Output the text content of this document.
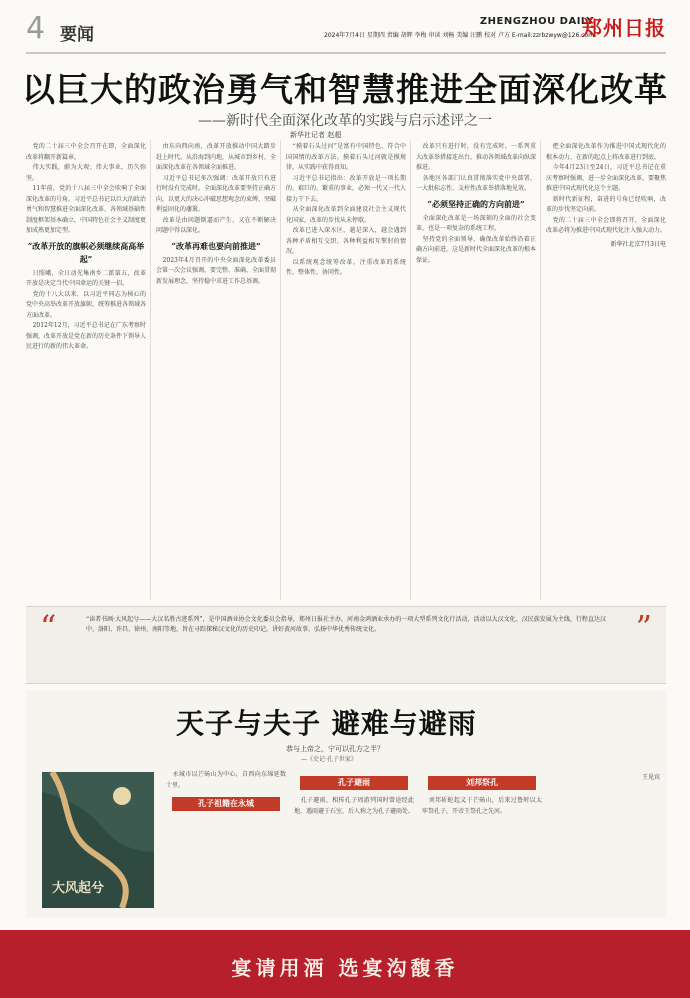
4 要闻
ZHENGZHOU DAILY
2024年7月4日 星期四 责编 胡辉 李梅 审读 刘畅 美编 汪鹏 校对 卢方 E-mail:zzrbzwyw@126.com
郑州日报
以巨大的政治勇气和智慧推进全面深化改革
——新时代全面深化改革的实践与启示述评之一
新华社记者 赵超

党的二十届三中全会召开在即，全面深化改革将翻开新篇章。

伟大实践，蔚为大观；伟大事业，历久弥坚。

11年前，党的十八届三中全会吹响了全面深化改革的号角。习近平总书记以巨大的政治勇气和智慧推进全面深化改革，各领域基础性制度框架基本确立，中国特色社会主义制度更加成熟更加定型。

“改革开放的旗帜必须继续高高举起”

日照峨，全日动光集南乡二派第五，改革开放是决定当代中国命运的关键一招。

党的十八大以来，以习近平同志为核心的党中央高举改革开放旗帜，统筹推进各领域各方面改革。

2012年12月，习近平总书记在广东考察时强调，改革开放是党在新的历史条件下领导人民进行的新的伟大革命。

由东向西向南，改革开放推动中国大踏步赶上时代。从沿海到内地，从城市到乡村，全面深化改革在各领域全面推进。

习近平总书记多次强调：改革开放只有进行时没有完成时。全面深化改革要坚持正确方向，以更大的决心冲破思想观念的束缚，突破利益固化的藩篱。

改革是由问题倒逼而产生，又在不断解决问题中得以深化。

“改革再难也要向前推进”

2023年4月召开的中央全面深化改革委员会第一次会议强调，要完整、准确、全面贯彻新发展理念，坚持稳中求进工作总基调。

“摸着石头过河”是富有中国特色、符合中国国情的改革方法。摸着石头过河就是摸规律，从实践中获得真知。

习近平总书记指出：改革开放是一项长期的、艰巨的、繁重的事业，必须一代又一代人接力干下去。

从全面深化改革到全面建设社会主义现代化国家，改革的步伐从未停歇。

改革已进入深水区，越是深入，越会遇到各种矛盾相互交织、各种利益相互掣肘的情况。

以系统观念统筹改革，注重改革的系统性、整体性、协同性。

改革只有进行时，没有完成时。一系列重大改革举措接连出台，推动各领域改革向纵深推进。

各地区各部门认真贯彻落实党中央部署，一大批标志性、支柱性改革举措落地见效。

“必须坚持正确的方向前进”

全面深化改革是一场深刻的全面的社会变革，也是一项复杂的系统工程。

坚持党的全面领导，确保改革始终沿着正确方向前进，这是新时代全面深化改革的根本保证。

把全面深化改革作为推进中国式现代化的根本动力，在新的起点上将改革进行到底。

今年4月23日至24日，习近平总书记在重庆考察时强调，进一步全面深化改革，要聚焦推进中国式现代化这个主题。

新时代新征程，奋进的号角已经吹响，改革的步伐坚定向前。

党的二十届三中全会即将召开，全面深化改革必将为推进中国式现代化注入强大动力。

新华社北京7月3日电
“	“读者书画·大风起兮——大汉名胜古迹系列”，是中国酒业协会文化委员会指导，郑州日报社主办，河南金鸿酒业承办的一项大型系列文化行活动，活动以大汉文化、汉民族发展为主线，行程直达汉中、洛阳、许昌、徐州、南阳等地，旨在寻踪探秘汉文化的历史印记，讲好黄河故事，弘扬中华优秀传统文化。	”
天子与夫子 避难与避雨
恭与上帝之，宁可以孔方之半？
—《史记·孔子世家》
大风起兮

永城市以芒砀山为中心，自西向东绵延数十里。

孔子祖籍在永城
孔子避雨

孔子避雨，相传孔子周游列国时曾途经此地，遇雨避于石室，后人称之为孔子避雨处。

刘邦祭孔

刘邦斩蛇起义于芒砀山，后来过鲁时以太牢祭孔子，开帝王祭孔之先河。

王见宾
宴请用酒 选宴沟馥香
